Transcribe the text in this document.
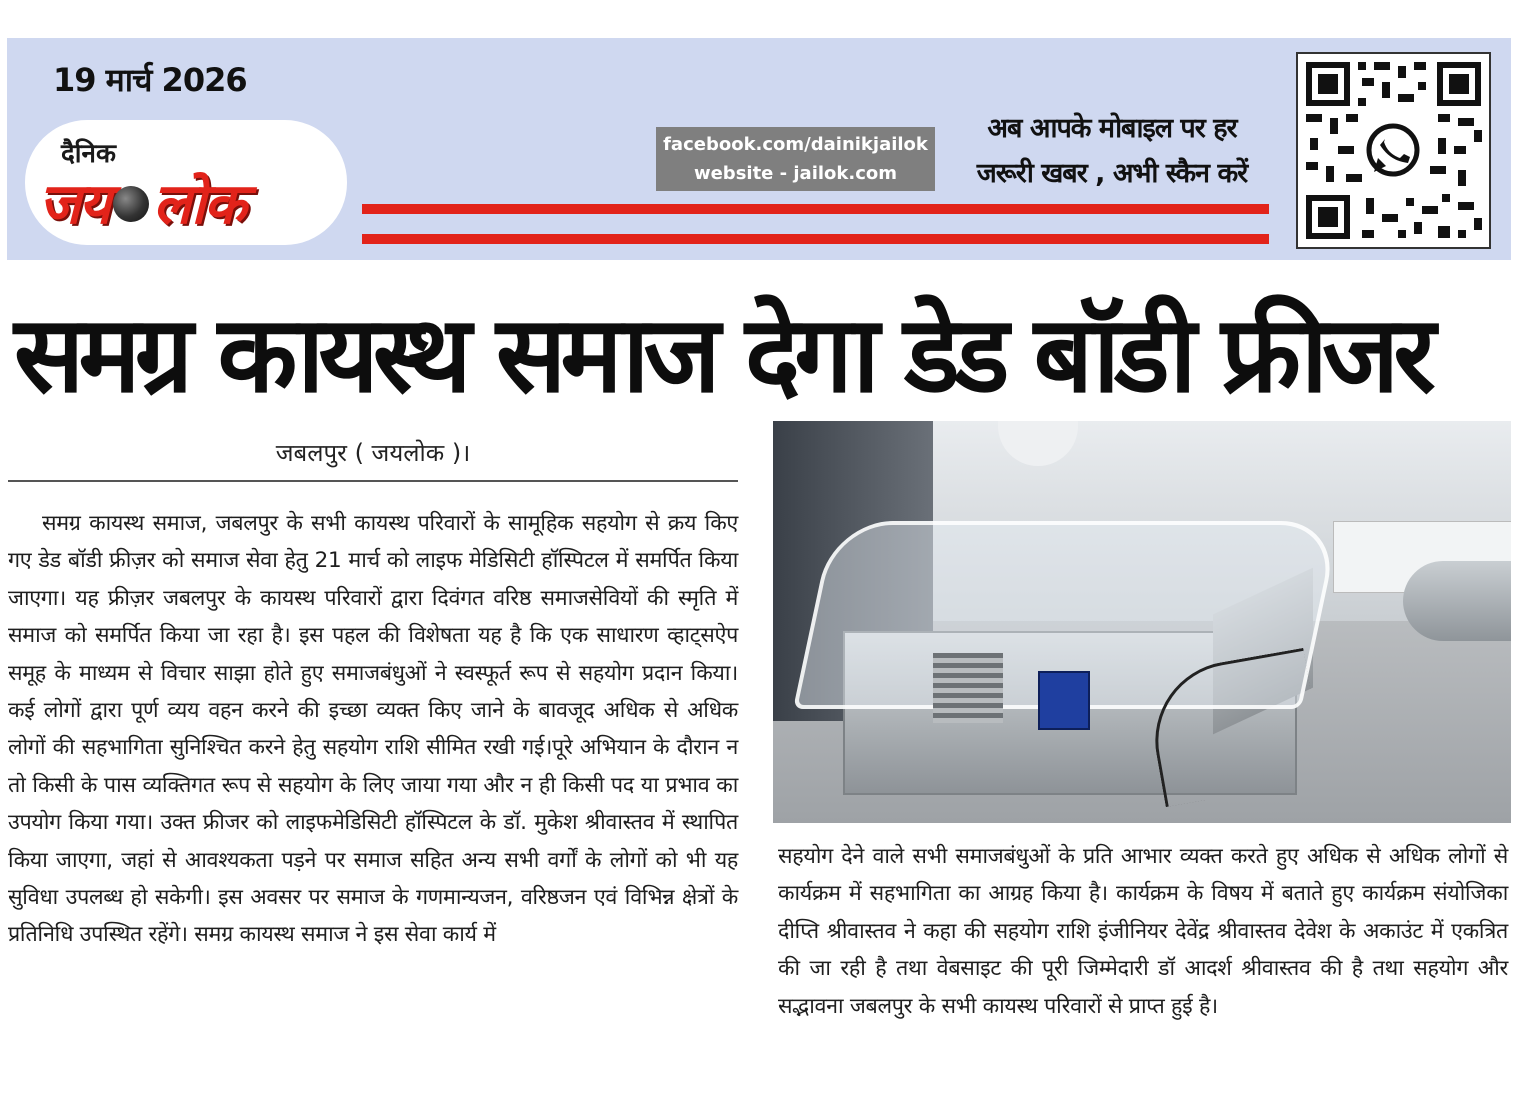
19 मार्च 2026
दैनिक
जय लोक
facebook.com/dainikjailok
website - jailok.com
अब आपके मोबाइल पर हर
जरूरी खबर , अभी स्कैन करें
समग्र कायस्थ समाज देगा डेड बॉडी फ्रीजर
जबलपुर ( जयलोक )।
समग्र कायस्थ समाज, जबलपुर के सभी कायस्थ परिवारों के सामूहिक सहयोग से क्रय किए गए डेड बॉडी फ्रीज़र को समाज सेवा हेतु 21 मार्च को लाइफ मेडिसिटी हॉस्पिटल में समर्पित किया जाएगा। यह फ्रीज़र जबलपुर के कायस्थ परिवारों द्वारा दिवंगत वरिष्ठ समाजसेवियों की स्मृति में समाज को समर्पित किया जा रहा है। इस पहल की विशेषता यह है कि एक साधारण व्हाट्सऐप समूह के माध्यम से विचार साझा होते हुए समाजबंधुओं ने स्वस्फूर्त रूप से सहयोग प्रदान किया। कई लोगों द्वारा पूर्ण व्यय वहन करने की इच्छा व्यक्त किए जाने के बावजूद अधिक से अधिक लोगों की सहभागिता सुनिश्चित करने हेतु सहयोग राशि सीमित रखी गई।पूरे अभियान के दौरान न तो किसी के पास व्यक्तिगत रूप से सहयोग के लिए जाया गया और न ही किसी पद या प्रभाव का उपयोग किया गया। उक्त फ्रीजर को लाइफमेडिसिटी हॉस्पिटल के डॉ. मुकेश श्रीवास्तव में स्थापित किया जाएगा, जहां से आवश्यकता पड़ने पर समाज सहित अन्य सभी वर्गों के लोगों को भी यह सुविधा उपलब्ध हो सकेगी। इस अवसर पर समाज के गणमान्यजन, वरिष्ठजन एवं विभिन्न क्षेत्रों के प्रतिनिधि उपस्थित रहेंगे। समग्र कायस्थ समाज ने इस सेवा कार्य में
सहयोग देने वाले सभी समाजबंधुओं के प्रति आभार व्यक्त करते हुए अधिक से अधिक लोगों से कार्यक्रम में सहभागिता का आग्रह किया है। कार्यक्रम के विषय में बताते हुए कार्यक्रम संयोजिका दीप्ति श्रीवास्तव ने कहा की सहयोग राशि इंजीनियर देवेंद्र श्रीवास्तव देवेश के अकाउंट में एकत्रित की जा रही है तथा वेबसाइट की पूरी जिम्मेदारी डॉ आदर्श श्रीवास्तव की है तथा सहयोग और सद्भावना जबलपुर के सभी कायस्थ परिवारों से प्राप्त हुई है।
